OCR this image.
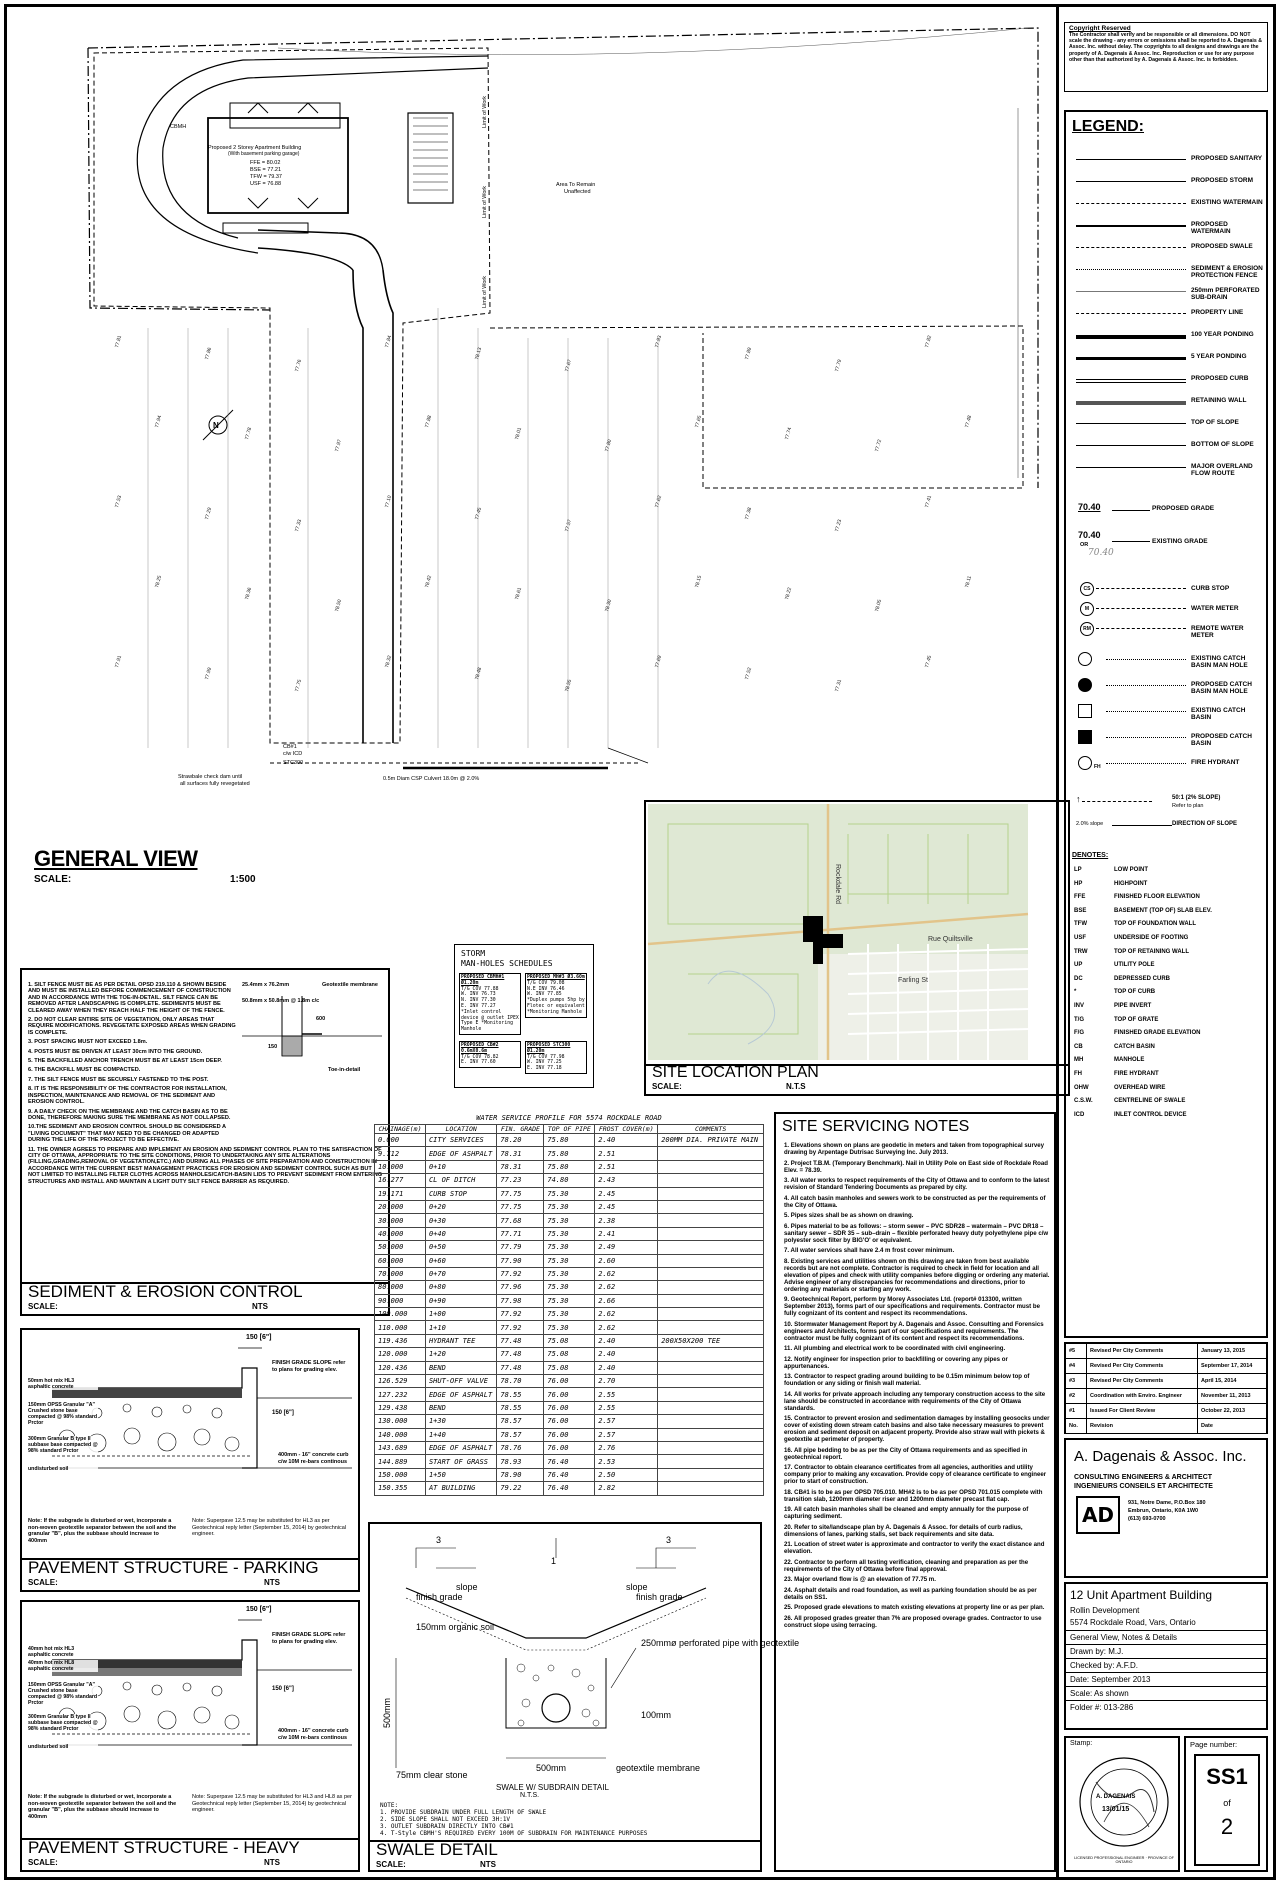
Proposed 2 Storey Apartment Building
(With basement parking garage)
FFE = 80.02
BSE = 77.21
TFW = 79.37
USF = 76.88	Area To Remain
Unaffected
CBMH
CB#1
c/w ICD
STC300
Strawbale check dam until
all surfaces fully revegetated
0.5m Diam CSP Culvert 18.0m @ 2.0%
Limit of Work
Limit of Work
Limit of Work
N
77.81
77.86
77.76
77.84
78.13
77.67
77.93
77.89
77.79
77.82
77.94
77.78
77.97
77.88
78.01
77.80
77.65
77.74
77.72
77.48
77.53
77.29
77.33
77.10
77.45
77.57
77.62
77.38
77.23
77.41
78.25
78.36
78.50
78.42
78.61
78.30
78.15
78.22
78.05
78.11
77.91
77.99
77.75
78.32
78.48
78.55
77.69
77.52
77.31
77.45
GENERAL VIEW
SCALE:	1:500
Copyright Reserved
The Contractor shall verify and be responsible or all dimensions. DO NOT scale the drawing - any errors or omissions shall be reported to A. Dagenais & Assoc. Inc. without delay. The copyrights to all designs and drawings are the property of A. Dagenais & Assoc. Inc. Reproduction or use for any purpose other than that authorized by A. Dagenais & Assoc. Inc. is forbidden.
LEGEND:
PROPOSED SANITARY
PROPOSED STORM
EXISTING WATERMAIN
PROPOSED WATERMAIN
PROPOSED SWALE
SEDIMENT & EROSION PROTECTION FENCE
250mm PERFORATED SUB-DRAIN
PROPERTY LINE
100 YEAR PONDING
5 YEAR PONDING
PROPOSED CURB
RETAINING WALL
TOP OF SLOPE
BOTTOM OF SLOPE
MAJOR OVERLAND FLOW ROUTE
70.40	PROPOSED GRADE
70.40
OR
70.40
EXISTING GRADE
CS	CURB STOP
M	WATER METER
RM	REMOTE WATER METER
EXISTING CATCH BASIN MAN HOLE
PROPOSED CATCH BASIN MAN HOLE
EXISTING CATCH BASIN
PROPOSED CATCH BASIN
FH
FIRE HYDRANT
↑	50:1 (2% SLOPE)
Refer to plan
2.0% slope	DIRECTION OF SLOPE
DENOTES:
LP	LOW POINT
HP	HIGHPOINT
FFE	FINISHED FLOOR ELEVATION
BSE	BASEMENT (TOP OF) SLAB ELEV.
TFW	TOP OF FOUNDATION WALL
USF	UNDERSIDE OF FOOTING
TRW	TOP OF RETAINING WALL
UP	UTILITY POLE
DC	DEPRESSED CURB
*	TOP OF CURB
INV	PIPE INVERT
T/G	TOP OF GRATE
F/G	FINISHED GRADE ELEVATION
CB	CATCH BASIN
MH	MANHOLE
FH	FIRE HYDRANT
OHW	OVERHEAD WIRE
C.S.W.	CENTRELINE OF SWALE
ICD	INLET CONTROL DEVICE
#5	Revised Per City Comments	January 13, 2015
#4	Revised Per City Comments	September 17, 2014
#3	Revised Per City Comments	April 15, 2014
#2	Coordination with Enviro. Engineer	November 11, 2013
#1	Issued For Client Review	October 22, 2013
No.	Revision	Date
A. Dagenais & Assoc. Inc.
CONSULTING ENGINEERS & ARCHITECT
INGENIEURS CONSEILS ET ARCHITECTE
AD	931, Notre Dame, P.O.Box 180
Embrun, Ontario, K0A 1W0
(613) 693-0700
12 Unit Apartment Building
Rollin Development
5574 Rockdale Road, Vars, Ontario
General View, Notes & Details
Drawn by: M.J.
Checked by: A.F.D.
Date: September 2013
Scale: As shown
Folder #: 013-286
Stamp:
A. DAGENAIS
13/01/15
LICENSED PROFESSIONAL ENGINEER · PROVINCE OF ONTARIO
Page number:
SS1
of
2
Rue Quiltsville
Farling St
Rockdale Rd
SITE LOCATION PLAN
SCALE:	N.T.S
STORM
MAN-HOLES SCHEDULES
PROPOSED CBMH#1 Ø1.20m
T/G COV 77.88
W. INV 76.73
N. INV 77.30
E. INV 77.27
*Inlet control device @ outlet IPEX Type E *Monitoring Manhole
PROPOSED MH#3 Ø3.60m
T/G COV 79.08
N.E INV 76.46
W. INV 77.85
*Duplex pumps 5hp by Flotec or equivalent *Monitoring Manhole
PROPOSED CB#2 0.6mX0.6m
T/G COV 78.82
E. INV 77.60
PROPOSED STC300 Ø1.20m
T/G COV 77.98
W. INV 77.25
E. INV 77.18
1. SILT FENCE MUST BE AS PER DETAIL OPSD 219.110 & SHOWN BESIDE AND MUST BE INSTALLED BEFORE COMMENCEMENT OF CONSTRUCTION AND IN ACCORDANCE WITH THE TOE-IN-DETAIL. SILT FENCE CAN BE REMOVED AFTER LANDSCAPING IS COMPLETE. SEDIMENTS MUST BE CLEARED AWAY WHEN THEY REACH HALF THE HEIGHT OF THE FENCE.
2. DO NOT CLEAR ENTIRE SITE OF VEGETATION, ONLY AREAS THAT REQUIRE MODIFICATIONS. REVEGETATE EXPOSED AREAS WHEN GRADING IS COMPLETE.
3. POST SPACING MUST NOT EXCEED 1.8m.
4. POSTS MUST BE DRIVEN AT LEAST 30cm INTO THE GROUND.
5. THE BACKFILLED ANCHOR TRENCH MUST BE AT LEAST 15cm DEEP.
6. THE BACKFILL MUST BE COMPACTED.
7. THE SILT FENCE MUST BE SECURELY FASTENED TO THE POST.
8. IT IS THE RESPONSIBILITY OF THE CONTRACTOR FOR INSTALLATION, INSPECTION, MAINTENANCE AND REMOVAL OF THE SEDIMENT AND EROSION CONTROL.
9. A DAILY CHECK ON THE MEMBRANE AND THE CATCH BASIN AS TO BE DONE, THEREFORE MAKING SURE THE MEMBRANE AS NOT COLLAPSED.
10.THE SEDIMENT AND EROSION CONTROL SHOULD BE CONSIDERED A "LIVING DOCUMENT" THAT MAY NEED TO BE CHANGED OR ADAPTED DURING THE LIFE OF THE PROJECT TO BE EFFECTIVE.
11. THE OWNER AGREES TO PREPARE AND IMPLEMENT AN EROSION AND SEDIMENT CONTROL PLAN TO THE SATISFACTION OF CITY OF OTTAWA, APPROPRIATE TO THE SITE CONDITIONS, PRIOR TO UNDERTAKING ANY SITE ALTERATIONS (FILLING,GRADING,REMOVAL OF VEGETATION,ETC.) AND DURING ALL PHASES OF SITE PREPARATION AND CONSTRUCTION IN ACCORDANCE WITH THE CURRENT BEST MANAGEMENT PRACTICES FOR EROSION AND SEDIMENT CONTROL SUCH AS BUT NOT LIMITED TO INSTALLING FILTER CLOTHS ACROSS MANHOLES/CATCH-BASIN LIDS TO PREVENT SEDIMENT FROM ENTERING STRUCTURES AND INSTALL AND MAINTAIN A LIGHT DUTY SILT FENCE BARRIER AS REQUIRED.
25.4mm x 76.2mm	Geotextile membrane
50.8mm x 50.8mm @ 1.8m c/c
600
150
Toe-in-detail
SEDIMENT & EROSION CONTROL
SCALE:	NTS
50mm hot mix HL3 asphaltic concrete
150mm OPSS Granular "A" Crushed stone base compacted @ 98% standard Prctor
300mm Granular B type II subbase base compacted @ 98% standard Prctor
undisturbed soil
150 [6"]
FINISH GRADE SLOPE refer to plans for grading elev.
400mm - 16" concrete curb c/w 10M re-bars continous
150 [6"]
Note: If the subgrade is disturbed or wet, incorporate a non-woven geotextile separator between the soil and the granular "B", plus the subbase should increase to 400mm
Note: Superpave 12.5 may be substituted for HL3 as per Geotechnical reply letter (September 15, 2014) by geotechnical engineer.
PAVEMENT STRUCTURE - PARKING
SCALE:	NTS
40mm hot mix HL3 asphaltic concrete
40mm hot mix HL8 asphaltic concrete
150mm OPSS Granular "A" Crushed stone base compacted @ 98% standard Prctor
300mm Granular B type II subbase base compacted @ 98% standard Prctor
undisturbed soil
150 [6"]
FINISH GRADE SLOPE refer to plans for grading elev.
400mm - 16" concrete curb c/w 10M re-bars continous
150 [6"]
Note: If the subgrade is disturbed or wet, incorporate a non-woven geotextile separator between the soil and the granular "B", plus the subbase should increase to 400mm
Note: Superpave 12.5 may be substituted for HL3 and HL8 as per Geotechnical reply letter (September 15, 2014) by geotechnical engineer.
PAVEMENT STRUCTURE - HEAVY
SCALE:	NTS
WATER SERVICE PROFILE FOR 5574 ROCKDALE ROAD
CHAINAGE(m)	LOCATION	FIN. GRADE	TOP OF PIPE	FROST COVER(m)	COMMENTS
0.000	CITY SERVICES	78.20	75.80	2.40	200MM DIA. PRIVATE MAIN
9.712	EDGE OF ASHPALT	78.31	75.80	2.51	
10.000	0+10	78.31	75.80	2.51	
16.277	CL OF DITCH	77.23	74.80	2.43	
19.171	CURB STOP	77.75	75.30	2.45	
20.000	0+20	77.75	75.30	2.45	
30.000	0+30	77.68	75.30	2.38	
40.000	0+40	77.71	75.30	2.41	
50.000	0+50	77.79	75.30	2.49	
60.000	0+60	77.90	75.30	2.60	
70.000	0+70	77.92	75.30	2.62	
80.000	0+80	77.96	75.30	2.62	
90.000	0+90	77.98	75.30	2.66	
100.000	1+00	77.92	75.30	2.62	
110.000	1+10	77.92	75.30	2.62	
119.436	HYDRANT TEE	77.48	75.08	2.40	200X50X200 TEE
120.000	1+20	77.48	75.08	2.40	
120.436	BEND	77.48	75.08	2.40	
126.529	SHUT-OFF VALVE	78.70	76.00	2.70	
127.232	EDGE OF ASPHALT	78.55	76.00	2.55	
129.438	BEND	78.55	76.00	2.55	
130.000	1+30	78.57	76.00	2.57	
140.000	1+40	78.57	76.00	2.57	
143.689	EDGE OF ASPHALT	78.76	76.00	2.76	
144.889	START OF GRASS	78.93	76.40	2.53	
150.000	1+50	78.90	76.40	2.50	
150.355	AT BUILDING	79.22	76.40	2.82	
3	3
1
finish grade	finish grade
slope	slope
150mm organic soil
250mmø perforated pipe with geotextile
500mm	100mm
75mm clear stone
500mm	geotextile membrane
SWALE W/ SUBDRAIN DETAIL
N.T.S.
NOTE:
1. PROVIDE SUBDRAIN UNDER FULL LENGTH OF SWALE
2. SIDE SLOPE SHALL NOT EXCEED 3H:1V
3. OUTLET SUBDRAIN DIRECTLY INTO CB#1
4. T-Style CBMH'S REQUIRED EVERY 100M OF SUBDRAIN FOR MAINTENANCE PURPOSES
SWALE DETAIL
SCALE:	NTS
SITE SERVICING NOTES
1. Elevations shown on plans are geodetic in meters and taken from topographical survey drawing by Arpentage Dutrisac Surveying Inc. July 2013.
2. Project T.B.M. (Temporary Benchmark). Nail in Utility Pole on East side of Rockdale Road Elev. = 78.39.
3. All water works to respect requirements of the City of Ottawa and to conform to the latest revision of Standard Tendering Documents as prepared by city.
4. All catch basin manholes and sewers work to be constructed as per the requirements of the City of Ottawa.
5. Pipes sizes shall be as shown on drawing.
6. Pipes material to be as follows: – storm sewer – PVC SDR28 – watermain – PVC DR18 – sanitary sewer – SDR 35 – sub–drain – flexible perforated heavy duty polyethylene pipe c/w polyester sock filter by BIG'O' or equivalent.
7. All water services shall have 2.4 m frost cover minimum.
8. Existing services and utilities shown on this drawing are taken from best available records but are not complete. Contractor is required to check in field for location and all elevation of pipes and check with utility companies before digging or ordering any material. Advise engineer of any discrepancies for recommendations and directions, prior to ordering any materials or starting any work.
9. Geotechnical Report, perform by Morey Associates Ltd. (report# 013300, written September 2013), forms part of our specifications and requirements. Contractor must be fully cognizant of its content and respect its recommendations.
10. Stormwater Management Report by A. Dagenais and Assoc. Consulting and Forensics engineers and Architects, forms part of our specifications and requirements. The contractor must be fully cognizant of its content and respect its recommendations.
11. All plumbing and electrical work to be coordinated with civil engineering.
12. Notify engineer for inspection prior to backfilling or covering any pipes or appurtenances.
13. Contractor to respect grading around building to be 0.15m minimum below top of foundation or any siding or finish wall material.
14. All works for private approach including any temporary construction access to the site lane should be constructed in accordance with requirements of the City of Ottawa standards.
15. Contractor to prevent erosion and sedimentation damages by installing geosocks under cover of existing down stream catch basins and also take necessary measures to prevent erosion and sediment deposit on adjacent property. Provide also straw wall with pickets & geotextile at perimeter of property.
16. All pipe bedding to be as per the City of Ottawa requirements and as specified in geotechnical report.
17. Contractor to obtain clearance certificates from all agencies, authorities and utility company prior to making any excavation. Provide copy of clearance certificate to engineer prior to start of construction.
18. CB#1 is to be as per OPSD 705.010. MH#2 is to be as per OPSD 701.015 complete with transition slab, 1200mm diameter riser and 1200mm diameter precast flat cap.
19. All catch basin manholes shall be cleaned and empty annually for the purpose of capturing sediment.
20. Refer to site/landscape plan by A. Dagenais & Assoc. for details of curb radius, dimensions of lanes, parking stalls, set back requirements and site data.
21. Location of street water is approximate and contractor to verify the exact distance and elevation.
22. Contractor to perform all testing verification, cleaning and preparation as per the requirements of the City of Ottawa before final approval.
23. Major overland flow is @ an elevation of 77.75 m.
24. Asphalt details and road foundation, as well as parking foundation should be as per details on SS1.
25. Proposed grade elevations to match existing elevations at property line or as per plan.
26. All proposed grades greater than 7% are proposed overage grades. Contractor to use construct slope using terracing.
